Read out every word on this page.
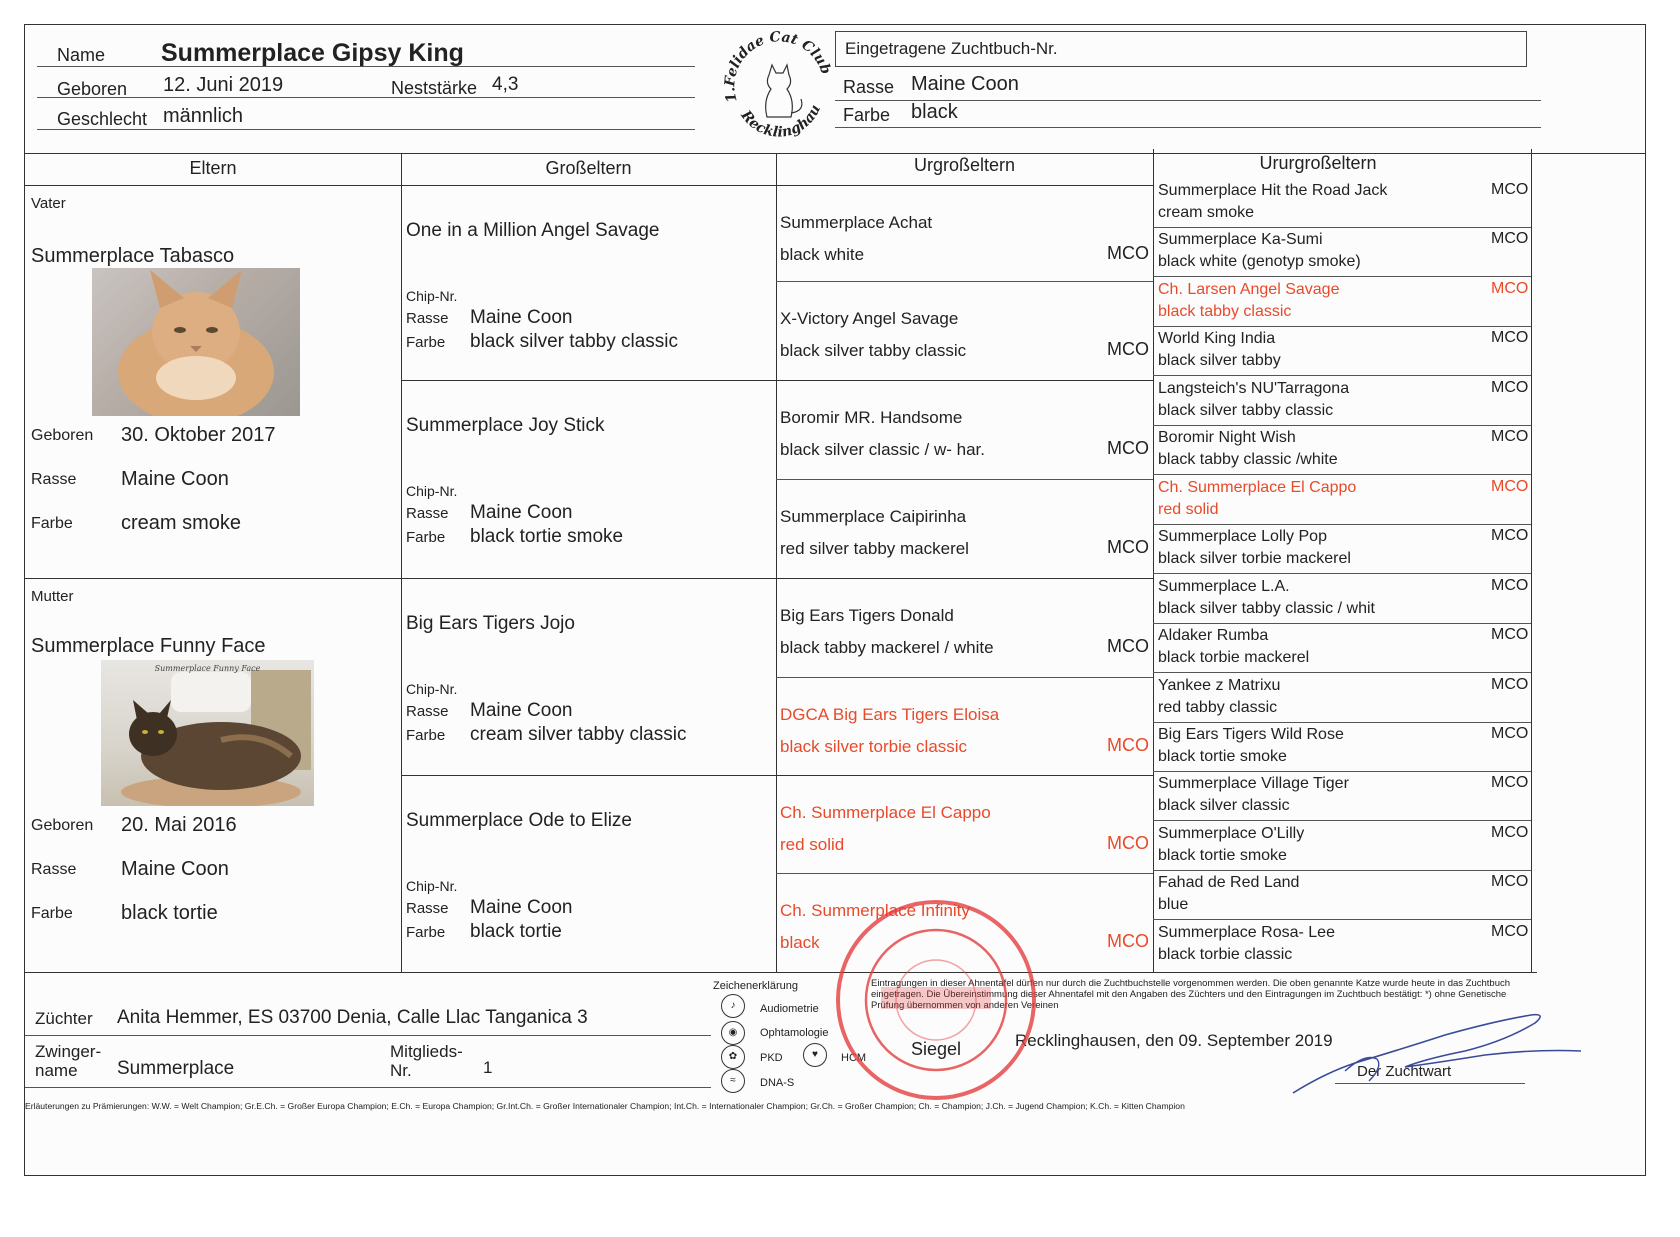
Name Summerplace Gipsy King
Geboren 12. Juni 2019	Neststärke 4,3
Geschlecht männlich
1.Felidae Cat Club
Recklinghau
Eingetragene Zuchtbuch-Nr.
Rasse Maine Coon
Farbe black
Eltern	Großeltern	Urgroßeltern	Ururgroßeltern
Vater
Summerplace Tabasco
Geboren 30. Oktober 2017
Rasse Maine Coon
Farbe cream smoke
Mutter
Summerplace Funny Face
Summerplace Funny Face
Geboren 20. Mai 2016
Rasse Maine Coon
Farbe black tortie
One in a Million Angel Savage
Chip-Nr.
Rasse Maine Coon
Farbe black silver tabby classic
Summerplace Joy Stick
Chip-Nr.
Rasse Maine Coon
Farbe black tortie smoke
Big Ears Tigers Jojo
Chip-Nr.
Rasse Maine Coon
Farbe cream silver tabby classic
Summerplace Ode to Elize
Chip-Nr.
Rasse Maine Coon
Farbe black tortie
Summerplace Achat
black white	MCO
X-Victory Angel Savage
black silver tabby classic	MCO
Boromir MR. Handsome
black silver classic / w- har.	MCO
Summerplace Caipirinha
red silver tabby mackerel	MCO
Big Ears Tigers Donald
black tabby mackerel / white	MCO
DGCA Big Ears Tigers Eloisa
black silver torbie classic	MCO
Ch. Summerplace El Cappo
red solid	MCO
Ch. Summerplace Infinity
black	MCO
Summerplace Hit the Road Jack
cream smoke
MCO
Summerplace Ka-Sumi
black white (genotyp smoke)
MCO
Ch. Larsen Angel Savage
black tabby classic
MCO
World King India
black silver tabby
MCO
Langsteich's NU'Tarragona
black silver tabby classic
MCO
Boromir Night Wish
black tabby classic /white
MCO
Ch. Summerplace El Cappo
red solid
MCO
Summerplace Lolly Pop
black silver torbie mackerel
MCO
Summerplace L.A.
black silver tabby classic / whit
MCO
Aldaker Rumba
black torbie mackerel
MCO
Yankee z Matrixu
red tabby classic
MCO
Big Ears Tigers Wild Rose
black tortie smoke
MCO
Summerplace Village Tiger
black silver classic
MCO
Summerplace O'Lilly
black tortie smoke
MCO
Fahad de Red Land
blue
MCO
Summerplace Rosa- Lee
black torbie classic
MCO
Züchter Anita Hemmer, ES 03700 Denia, Calle Llac Tanganica 3
Zwinger-
name	Summerplace
Mitglieds-
Nr.	1
Zeichenerklärung
♪	Audiometrie
◉	Ophtamologie
✿	PKD	♥	HCM
≈	DNA-S
Eintragungen in dieser Ahnentafel dürfen nur durch die Zuchtbuchstelle vorgenommen werden. Die oben genannte Katze wurde heute in das Zuchtbuch eingetragen. Die Übereinstimmung dieser Ahnentafel mit den Angaben des Züchters und den Eintragungen im Zuchtbuch bestätigt: *) ohne Genetische Prüfung übernommen von anderen Vereinen
Siegel	Recklinghausen, den 09. September 2019
Der Zuchtwart
Erläuterungen zu Prämierungen: W.W. = Welt Champion; Gr.E.Ch. = Großer Europa Champion; E.Ch. = Europa Champion; Gr.Int.Ch. = Großer Internationaler Champion; Int.Ch. = Internationaler Champion; Gr.Ch. = Großer Champion; Ch. = Champion; J.Ch. = Jugend Champion; K.Ch. = Kitten Champion
